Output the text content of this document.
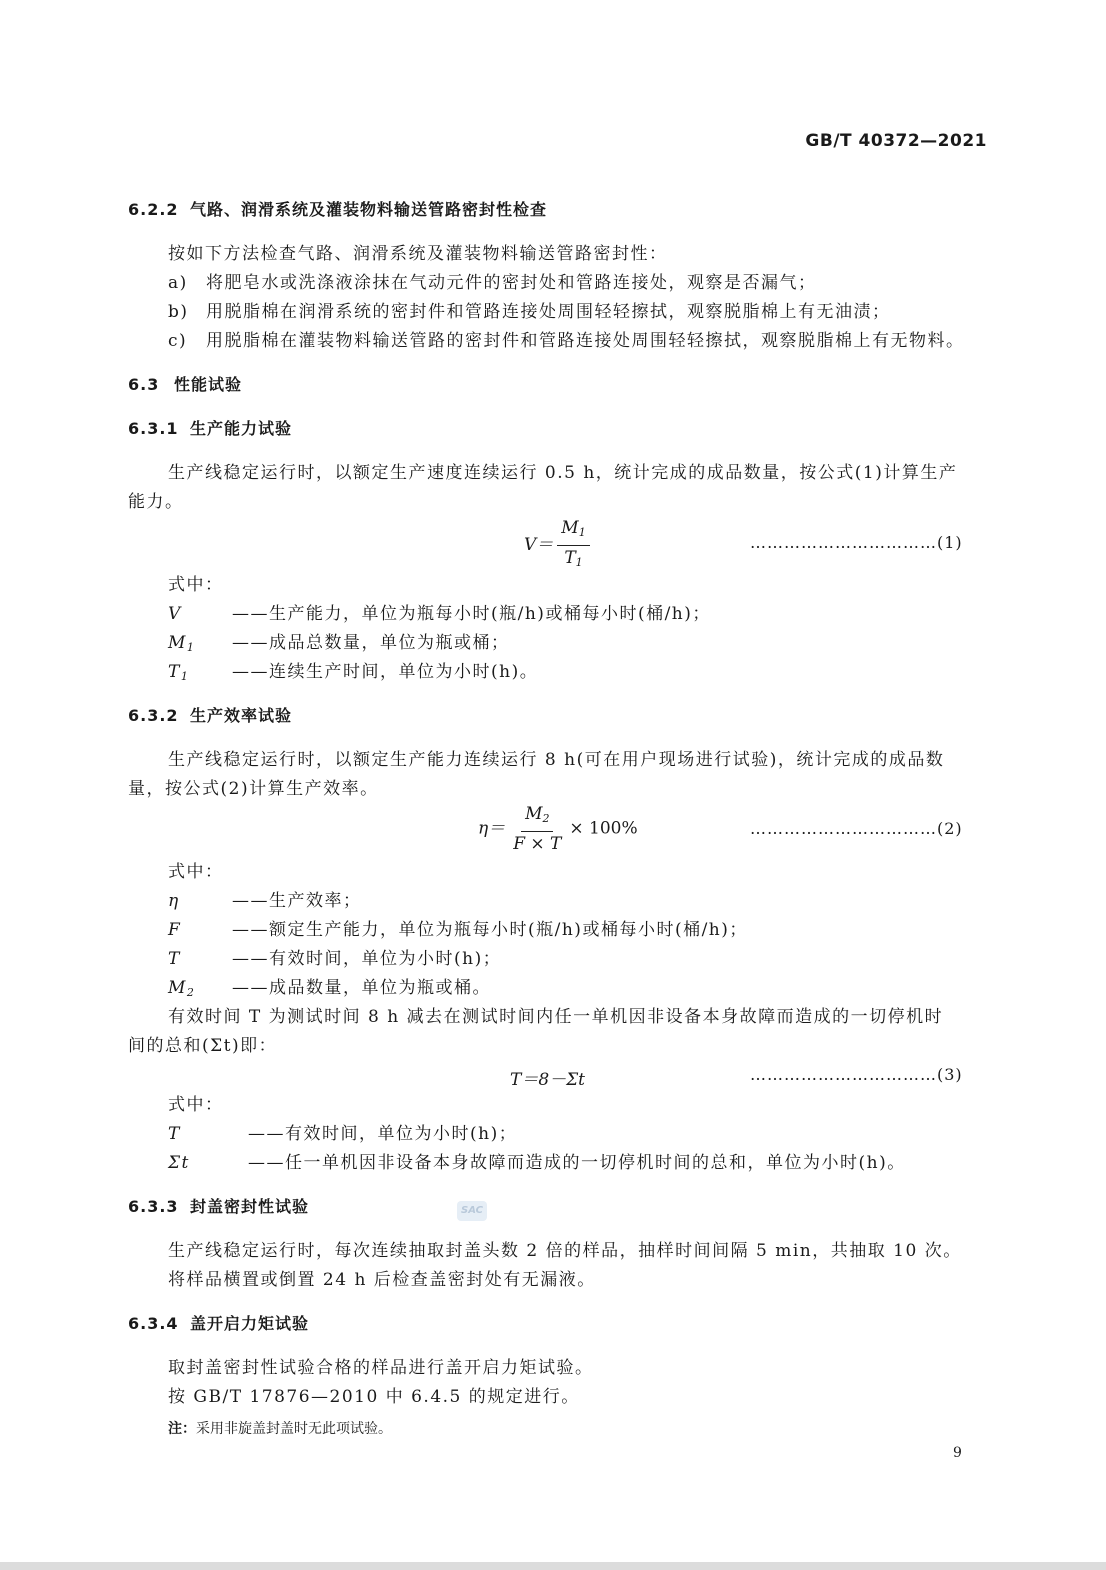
GB/T 40372—2021
6.2.2 气路、润滑系统及灌装物料输送管路密封性检查
按如下方法检查气路、润滑系统及灌装物料输送管路密封性：
a) 将肥皂水或洗涤液涂抹在气动元件的密封处和管路连接处，观察是否漏气；
b) 用脱脂棉在润滑系统的密封件和管路连接处周围轻轻擦拭，观察脱脂棉上有无油渍；
c) 用脱脂棉在灌装物料输送管路的密封件和管路连接处周围轻轻擦拭，观察脱脂棉上有无物料。
6.3 性能试验
6.3.1 生产能力试验
生产线稳定运行时，以额定生产速度连续运行 0.5 h，统计完成的成品数量，按公式(1)计算生产
能力。
$V= \frac{M_1}{T_1}$	……………………………(1)
式中：
V	——生产能力，单位为瓶每小时(瓶/h)或桶每小时(桶/h)；
$M_1$ ——成品总数量，单位为瓶或桶；
$T_1$	——连续生产时间，单位为小时(h)。
6.3.2 生产效率试验
生产线稳定运行时，以额定生产能力连续运行 8 h(可在用户现场进行试验)，统计完成的成品数
量，按公式(2)计算生产效率。
$\eta= \frac{M_2}{F \times T} \times 100\%$	……………………………(2)
式中：
η	——生产效率；
F	——额定生产能力，单位为瓶每小时(瓶/h)或桶每小时(桶/h)；
T	——有效时间，单位为小时(h)；
$M_2$ ——成品数量，单位为瓶或桶。
有效时间 T 为测试时间 8 h 减去在测试时间内任一单机因非设备本身故障而造成的一切停机时
间的总和(Σt)即：
T＝8－Σt	……………………………(3)
式中：
T	——有效时间，单位为小时(h)；
Σt	——任一单机因非设备本身故障而造成的一切停机时间的总和，单位为小时(h)。
6.3.3 封盖密封性试验	SAC
生产线稳定运行时，每次连续抽取封盖头数 2 倍的样品，抽样时间间隔 5 min，共抽取 10 次。
将样品横置或倒置 24 h 后检查盖密封处有无漏液。
6.3.4 盖开启力矩试验
取封盖密封性试验合格的样品进行盖开启力矩试验。
按 GB/T 17876—2010 中 6.4.5 的规定进行。
注：采用非旋盖封盖时无此项试验。
9
